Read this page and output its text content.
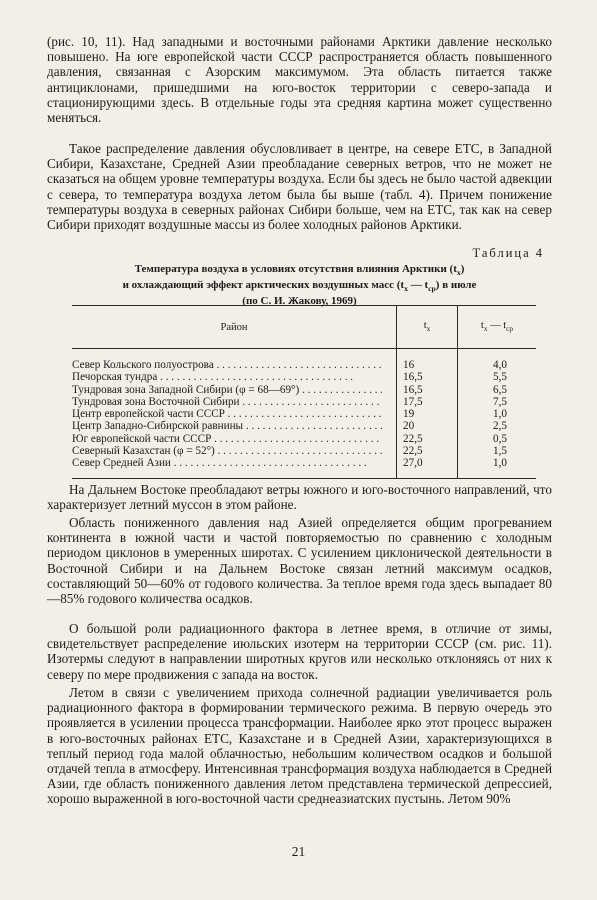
(рис. 10, 11). Над западными и восточными районами Арктики давление несколько повышено. На юге европейской части СССР распространяется область повышенного давления, связанная с Азорским максимумом. Эта область питается также антициклонами, пришедшими на юго-восток территории с северо-запада и стационирующими здесь. В отдельные годы эта средняя картина может существенно меняться.

Такое распределение давления обусловливает в центре, на севере ЕТС, в Западной Сибири, Казахстане, Средней Азии преобладание северных ветров, что не может не сказаться на общем уровне температуры воздуха. Если бы здесь не было частой адвекции с севера, то температура воздуха летом была бы выше (табл. 4). Причем понижение температуры воздуха в северных районах Сибири больше, чем на ЕТС, так как на север Сибири приходят воздушные массы из более холодных районов Арктики.

Таблица 4

Температура воздуха в условиях отсутствия влияния Арктики $(t_x)$

и охлаждающий эффект арктических воздушных масс ($t_x$ — $t_{ср}$) в июле

(по С. И. Жакову, 1969)

Район	$t_x$	$t_x$ — $t_{ср}$

Север Кольского полуострова . . .	16	4,0

Печорская тундра . . .	16,5	5,5

Тундровая зона Западной Сибири (φ = 68—69°) . . .	16,5	6,5

Тундровая зона Восточной Сибири . . .	17,5	7,5

Центр европейской части СССР . . .	19	1,0

Центр Западно-Сибирской равнины . . .	20	2,5

Юг европейской части СССР . . .	22,5	0,5

Северный Казахстан (φ = 52°) . . .	22,5	1,5

Север Средней Азии . . .	27,0	1,0

На Дальнем Востоке преобладают ветры южного и юго-восточного направлений, что характеризует летний муссон в этом районе.

Область пониженного давления над Азией определяется общим прогреванием континента в южной части и частой повторяемостью по сравнению с холодным периодом циклонов в умеренных широтах. С усилением циклонической деятельности в Восточной Сибири и на Дальнем Востоке связан летний максимум осадков, составляющий 50—60% от годового количества. За теплое время года здесь выпадает 80—85% годового количества осадков.

О большой роли радиационного фактора в летнее время, в отличие от зимы, свидетельствует распределение июльских изотерм на территории СССР (см. рис. 11). Изотермы следуют в направлении широтных кругов или несколько отклоняясь от них к северу по мере продвижения с запада на восток.

Летом в связи с увеличением прихода солнечной радиации увеличивается роль радиационного фактора в формировании термического режима. В первую очередь это проявляется в усилении процесса трансформации. Наиболее ярко этот процесс выражен в юго-восточных районах ЕТС, Казахстане и в Средней Азии, характеризующихся в теплый период года малой облачностью, небольшим количеством осадков и большой отдачей тепла в атмосферу. Интенсивная трансформация воздуха наблюдается в Средней Азии, где область пониженного давления летом представлена термической депрессией, хорошо выраженной в юго-восточной части среднеазиатских пустынь. Летом 90%

21
